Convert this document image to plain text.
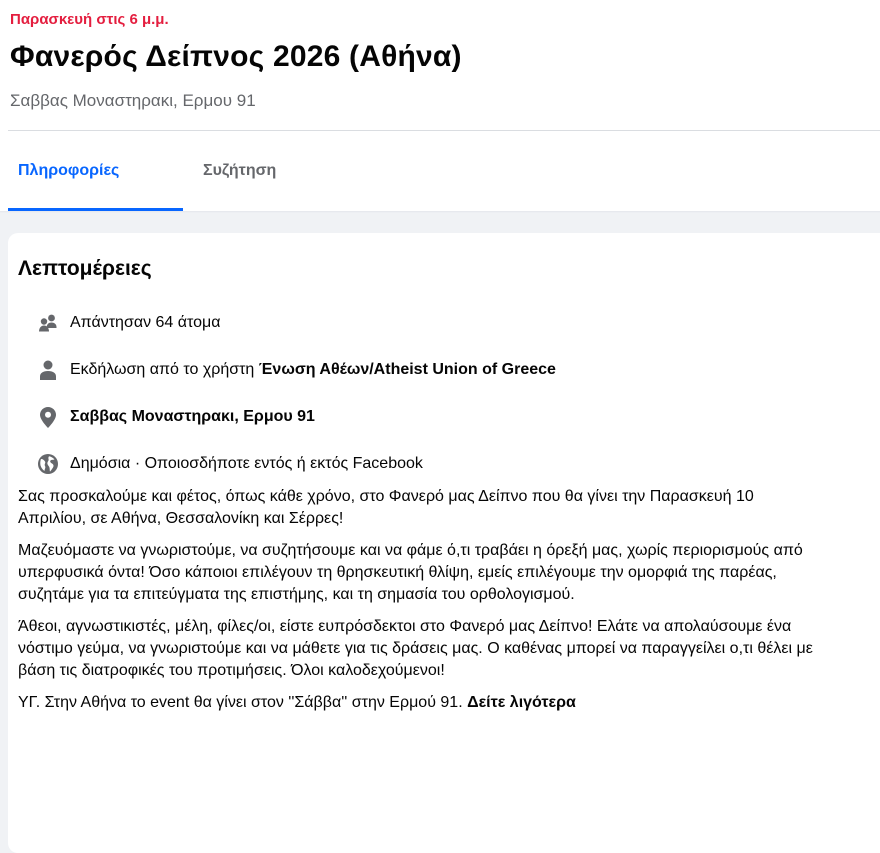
Παρασκευή στις 6 μ.μ.
Φανερός Δείπνος 2026 (Αθήνα)
Σαββας Μοναστηρακι, Ερμου 91
Πληροφορίες	Συζήτηση
Λεπτομέρειες
Απάντησαν 64 άτομα
Εκδήλωση από το χρήστη Ένωση Αθέων/Atheist Union of Greece
Σαββας Μοναστηρακι, Ερμου 91
Δημόσια · Οποιοσδήποτε εντός ή εκτός Facebook

Σας προσκαλούμε και φέτος, όπως κάθε χρόνο, στο Φανερό μας Δείπνο που θα γίνει την Παρασκευή 10 Απριλίου, σε Αθήνα, Θεσσαλονίκη και Σέρρες!

Μαζευόμαστε να γνωριστούμε, να συζητήσουμε και να φάμε ό,τι τραβάει η όρεξή μας, χωρίς περιορισμούς από υπερφυσικά όντα! Όσο κάποιοι επιλέγουν τη θρησκευτική θλίψη, εμείς επιλέγουμε την ομορφιά της παρέας, συζητάμε για τα επιτεύγματα της επιστήμης, και τη σημασία του ορθολογισμού.

Άθεοι, αγνωστικιστές, μέλη, φίλες/οι, είστε ευπρόσδεκτοι στο Φανερό μας Δείπνο! Ελάτε να απολαύσουμε ένα νόστιμο γεύμα, να γνωριστούμε και να μάθετε για τις δράσεις μας. Ο καθένας μπορεί να παραγγείλει ο,τι θέλει με βάση τις διατροφικές του προτιμήσεις. Όλοι καλοδεχούμενοι!

ΥΓ. Στην Αθήνα το event θα γίνει στον ''Σάββα'' στην Ερμού 91. Δείτε λιγότερα
